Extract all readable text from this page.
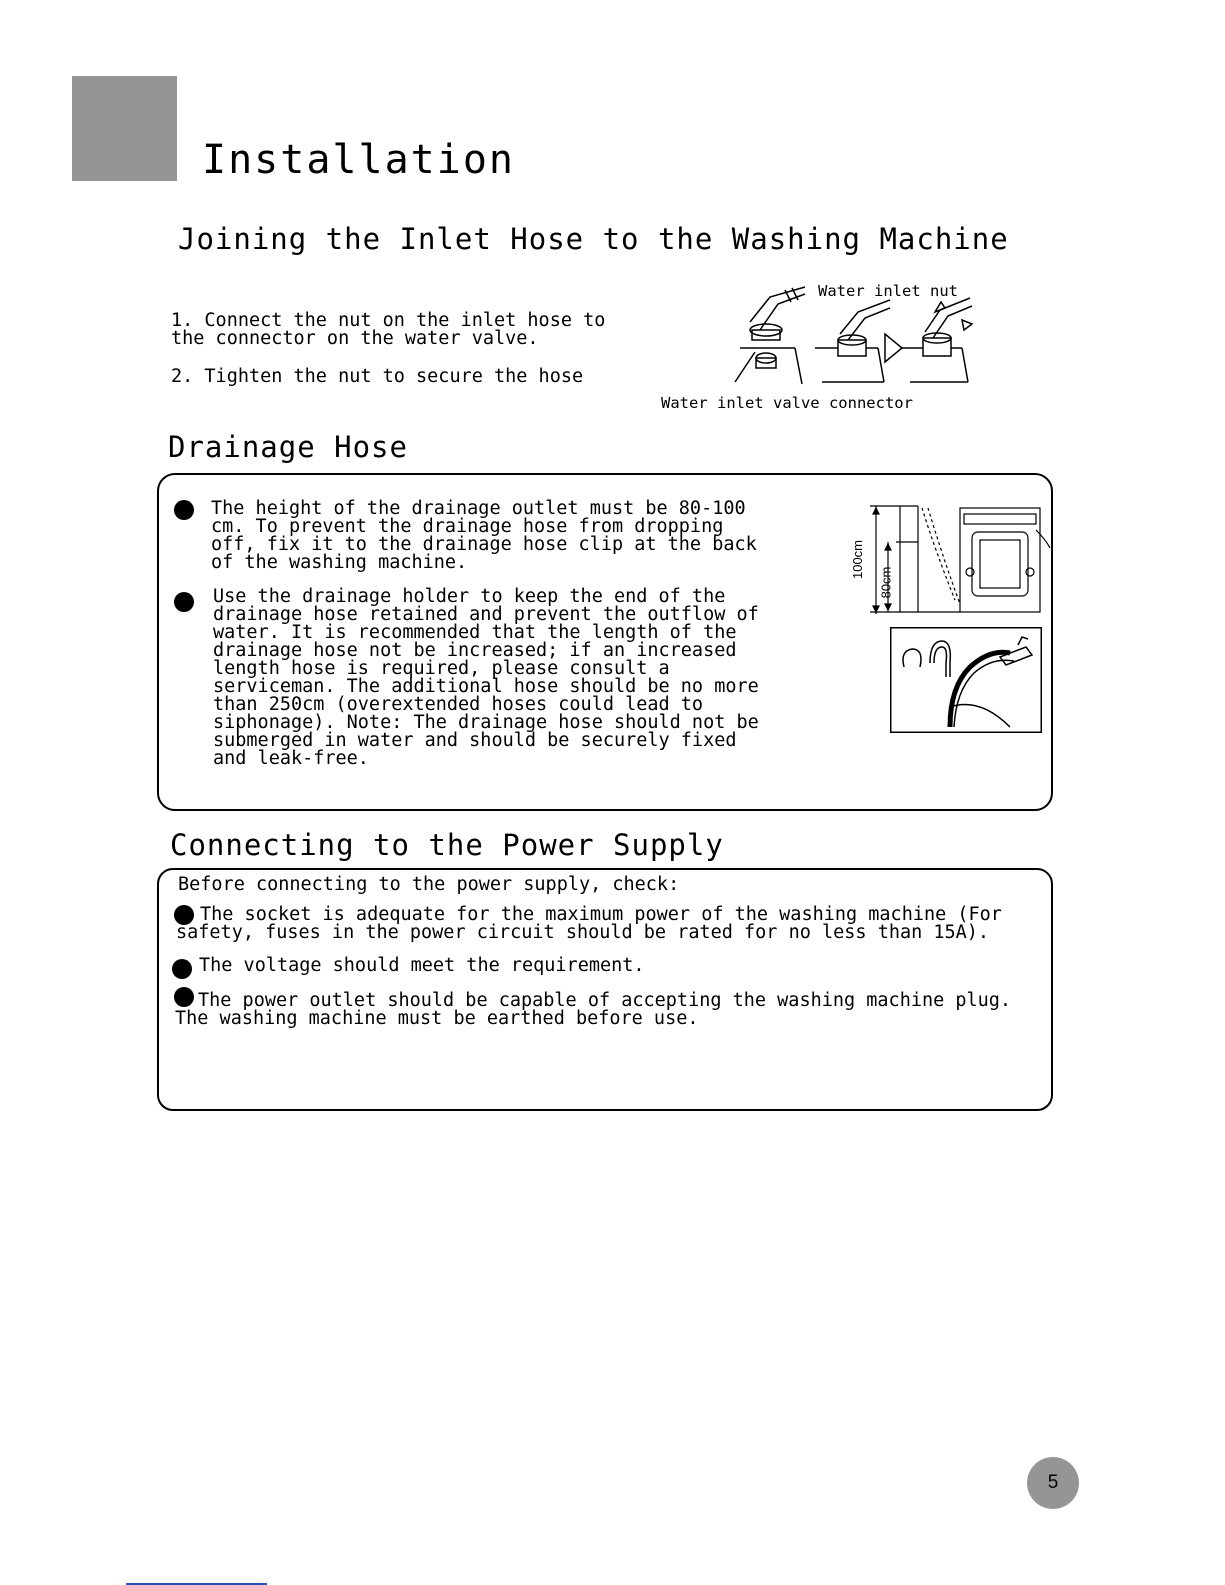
Installation
Joining the Inlet Hose to the Washing Machine

1. Connect the nut on the inlet hose to

the connector on the water valve.

2. Tighten the nut to secure the hose

Water inlet nut
Water inlet valve connector
Drainage Hose

The height of the drainage outlet must be 80-100

cm. To prevent the drainage hose from dropping

off, fix it to the drainage hose clip at the back

of the washing machine.

Use the drainage holder to keep the end of the

drainage hose retained and prevent the outflow of

water. It is recommended that the length of the

drainage hose not be increased; if an increased

length hose is required, please consult a

serviceman. The additional hose should be no more

than 250cm (overextended hoses could lead to

siphonage). Note: The drainage hose should not be

submerged in water and should be securely fixed

and leak-free.

100cm
80cm
Connecting to the Power Supply

Before connecting to the power supply, check:

The socket is adequate for the maximum power of the washing machine (For

safety, fuses in the power circuit should be rated for no less than 15A).

The voltage should meet the requirement.

The power outlet should be capable of accepting the washing machine plug.

The washing machine must be earthed before use.

5
